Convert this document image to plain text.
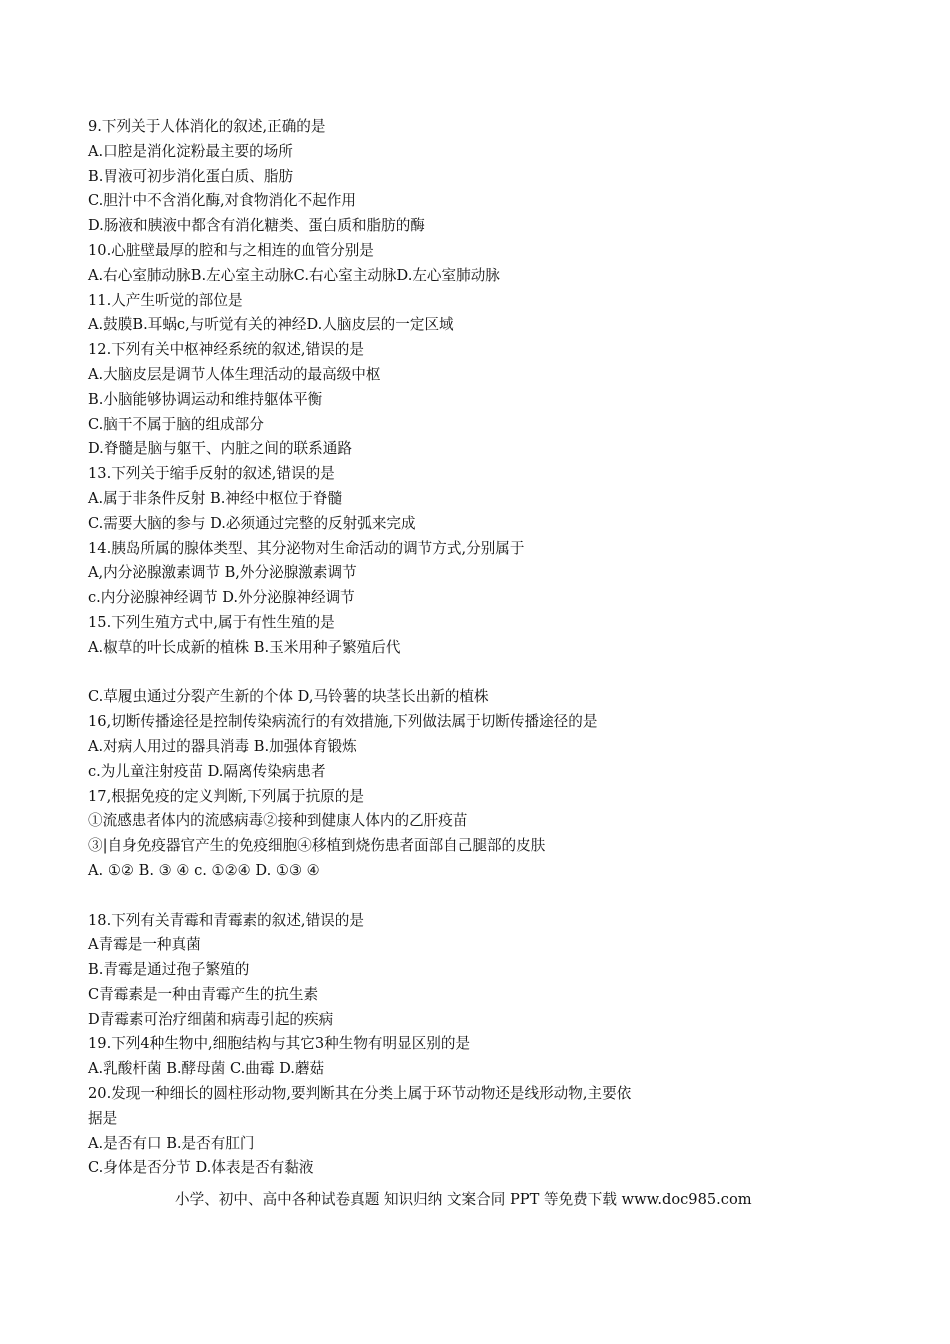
9.下列关于人体消化的叙述,正确的是
A.口腔是消化淀粉最主要的场所
B.胃液可初步消化蛋白质、脂肪
C.胆汁中不含消化酶,对食物消化不起作用
D.肠液和胰液中都含有消化糖类、蛋白质和脂肪的酶
10.心脏壁最厚的腔和与之相连的血管分别是
A.右心室肺动脉B.左心室主动脉C.右心室主动脉D.左心室肺动脉
11.人产生听觉的部位是
A.鼓膜B.耳蜗c,与听觉有关的神经D.人脑皮层的一定区域
12.下列有关中枢神经系统的叙述,错误的是
A.大脑皮层是调节人体生理活动的最高级中枢
B.小脑能够协调运动和维持躯体平衡
C.脑干不属于脑的组成部分
D.脊髓是脑与躯干、内脏之间的联系通路
13.下列关于缩手反射的叙述,错误的是
A.属于非条件反射 B.神经中枢位于脊髓
C.需要大脑的参与 D.必须通过完整的反射弧来完成
14.胰岛所属的腺体类型、其分泌物对生命活动的调节方式,分别属于
A,内分泌腺激素调节 B,外分泌腺激素调节
c.内分泌腺神经调节 D.外分泌腺神经调节
15.下列生殖方式中,属于有性生殖的是
A.椒草的叶长成新的植株 B.玉米用种子繁殖后代
C.草履虫通过分裂产生新的个体 D,马铃薯的块茎长出新的植株
16,切断传播途径是控制传染病流行的有效措施,下列做法属于切断传播途径的是
A.对病人用过的器具消毒 B.加强体育锻炼
c.为儿童注射疫苗 D.隔离传染病患者
17,根据免疫的定义判断,下列属于抗原的是
①流感患者体内的流感病毒②接种到健康人体内的乙肝疫苗
③|自身免疫器官产生的免疫细胞④移植到烧伤患者面部自己腿部的皮肤
A. ①② B. ③ ④ c. ①②④ D. ①③ ④
18.下列有关青霉和青霉素的叙述,错误的是
A青霉是一种真菌
B.青霉是通过孢子繁殖的
C青霉素是一种由青霉产生的抗生素
D青霉素可治疗细菌和病毒引起的疾病
19.下列4种生物中,细胞结构与其它3种生物有明显区别的是
A.乳酸杆菌 B.酵母菌 C.曲霉 D.蘑菇
20.发现一种细长的圆柱形动物,要判断其在分类上属于环节动物还是线形动物,主要依
据是
A.是否有口 B.是否有肛门
C.身体是否分节 D.体表是否有黏液
小学、初中、高中各种试卷真题 知识归纳 文案合同 PPT 等免费下载 www.doc985.com
